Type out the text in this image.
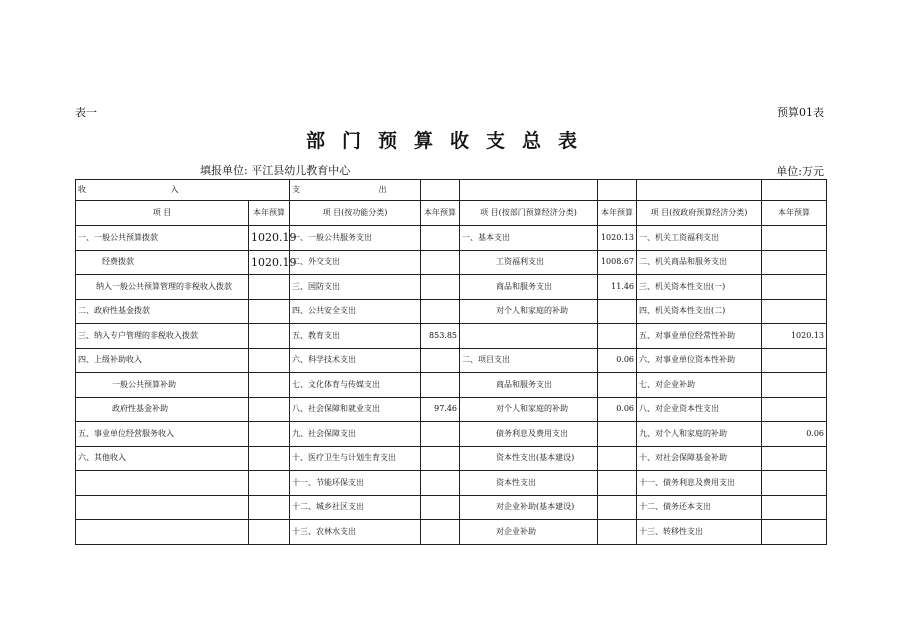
表一	预算01表
部门预算收支总表
填报单位: 平江县幼儿教育中心	单位:万元
收 入		支 出					
项 目	本年预算	项 目(按功能分类)	本年预算	项 目(按部门预算经济分类)	本年预算	项 目(按政府预算经济分类)	本年预算
一、一般公共预算拨款	1020.19	一、一般公共服务支出		一、基本支出	1020.13	一、机关工资福利支出	
经费拨款	1020.19	二、外交支出		工资福利支出	1008.67	二、机关商品和服务支出	
纳入一般公共预算管理的非税收入拨款		三、国防支出		商品和服务支出	11.46	三、机关资本性支出(一)	
二、政府性基金拨款		四、公共安全支出		对个人和家庭的补助		四、机关资本性支出(二)	
三、纳入专户管理的非税收入拨款		五、教育支出	853.85			五、对事业单位经常性补助	1020.13
四、上级补助收入		六、科学技术支出		二、项目支出	0.06	六、对事业单位资本性补助	
一般公共预算补助		七、文化体育与传媒支出		商品和服务支出		七、对企业补助	
政府性基金补助		八、社会保障和就业支出	97.46	对个人和家庭的补助	0.06	八、对企业资本性支出	
五、事业单位经营服务收入		九、社会保障支出		债务利息及费用支出		九、对个人和家庭的补助	0.06
六、其他收入		十、医疗卫生与计划生育支出		资本性支出(基本建设)		十、对社会保障基金补助	
		十一、节能环保支出		资本性支出		十一、债务利息及费用支出	
		十二、城乡社区支出		对企业补助(基本建设)		十二、债务还本支出	
		十三、农林水支出		对企业补助		十三、转移性支出	
